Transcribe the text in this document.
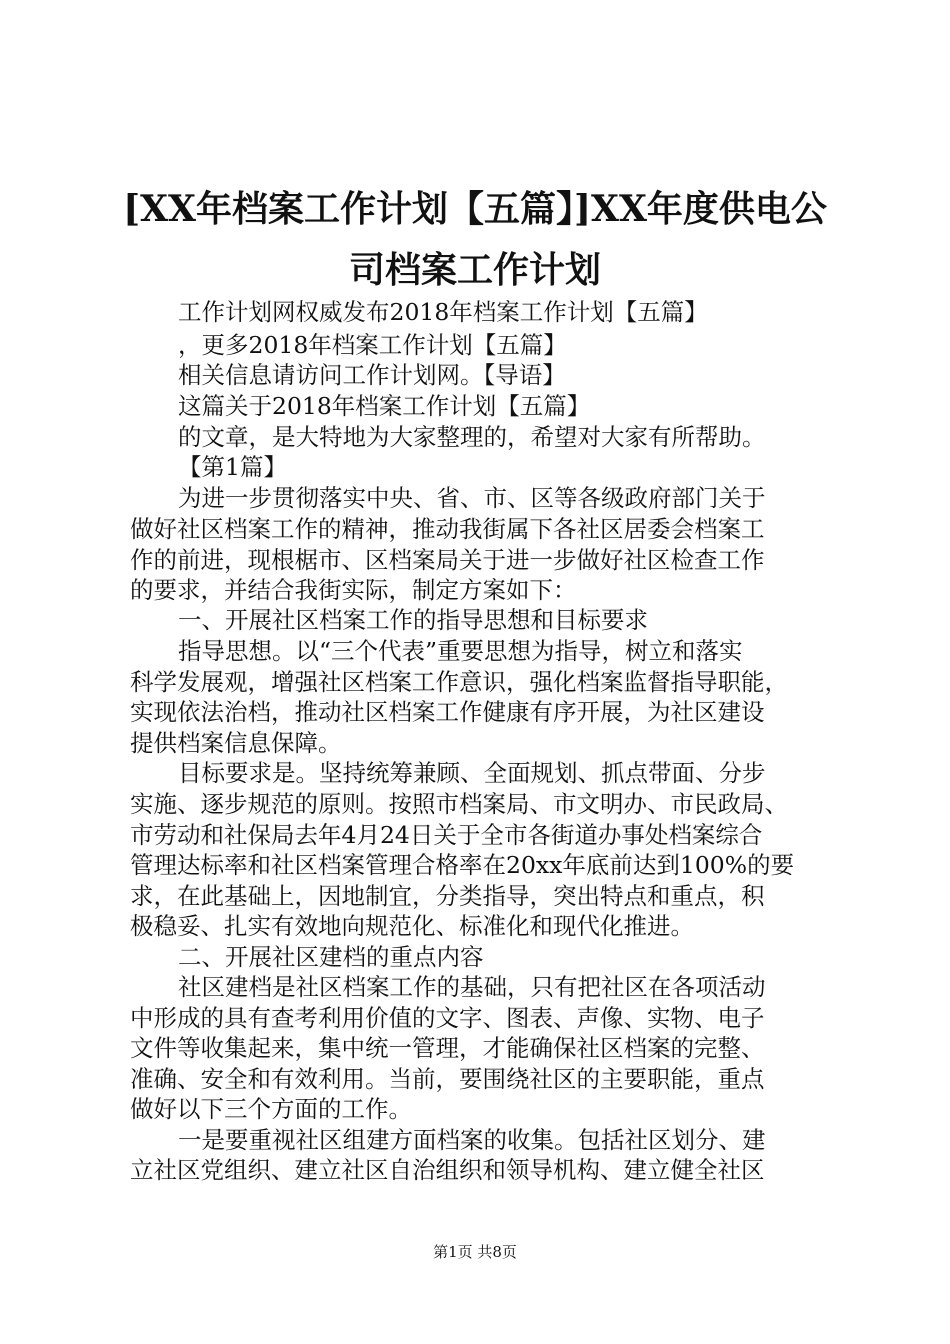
[XX年档案工作计划【五篇】]XX年度供电公
司档案工作计划
工作计划网权威发布2018年档案工作计划【五篇】
，更多2018年档案工作计划【五篇】
相关信息请访问工作计划网。【导语】
这篇关于2018年档案工作计划【五篇】
的文章，是大特地为大家整理的，希望对大家有所帮助。
【第1篇】
为进一步贯彻落实中央、省、市、区等各级政府部门关于
做好社区档案工作的精神，推动我街属下各社区居委会档案工
作的前进，现根椐市、区档案局关于进一步做好社区检查工作
的要求，并结合我街实际，制定方案如下：
一、开展社区档案工作的指导思想和目标要求
指导思想。以“三个代表”重要思想为指导，树立和落实
科学发展观，增强社区档案工作意识，强化档案监督指导职能，
实现依法治档，推动社区档案工作健康有序开展，为社区建设
提供档案信息保障。
目标要求是。坚持统筹兼顾、全面规划、抓点带面、分步
实施、逐步规范的原则。按照市档案局、市文明办、市民政局、
市劳动和社保局去年4月24日关于全市各街道办事处档案综合
管理达标率和社区档案管理合格率在20xx年底前达到100%的要
求，在此基础上，因地制宜，分类指导，突出特点和重点，积
极稳妥、扎实有效地向规范化、标准化和现代化推进。
二、开展社区建档的重点内容
社区建档是社区档案工作的基础，只有把社区在各项活动
中形成的具有查考利用价值的文字、图表、声像、实物、电子
文件等收集起来，集中统一管理，才能确保社区档案的完整、
准确、安全和有效利用。当前，要围绕社区的主要职能，重点
做好以下三个方面的工作。
一是要重视社区组建方面档案的收集。包括社区划分、建
立社区党组织、建立社区自治组织和领导机构、建立健全社区
第1页 共8页
